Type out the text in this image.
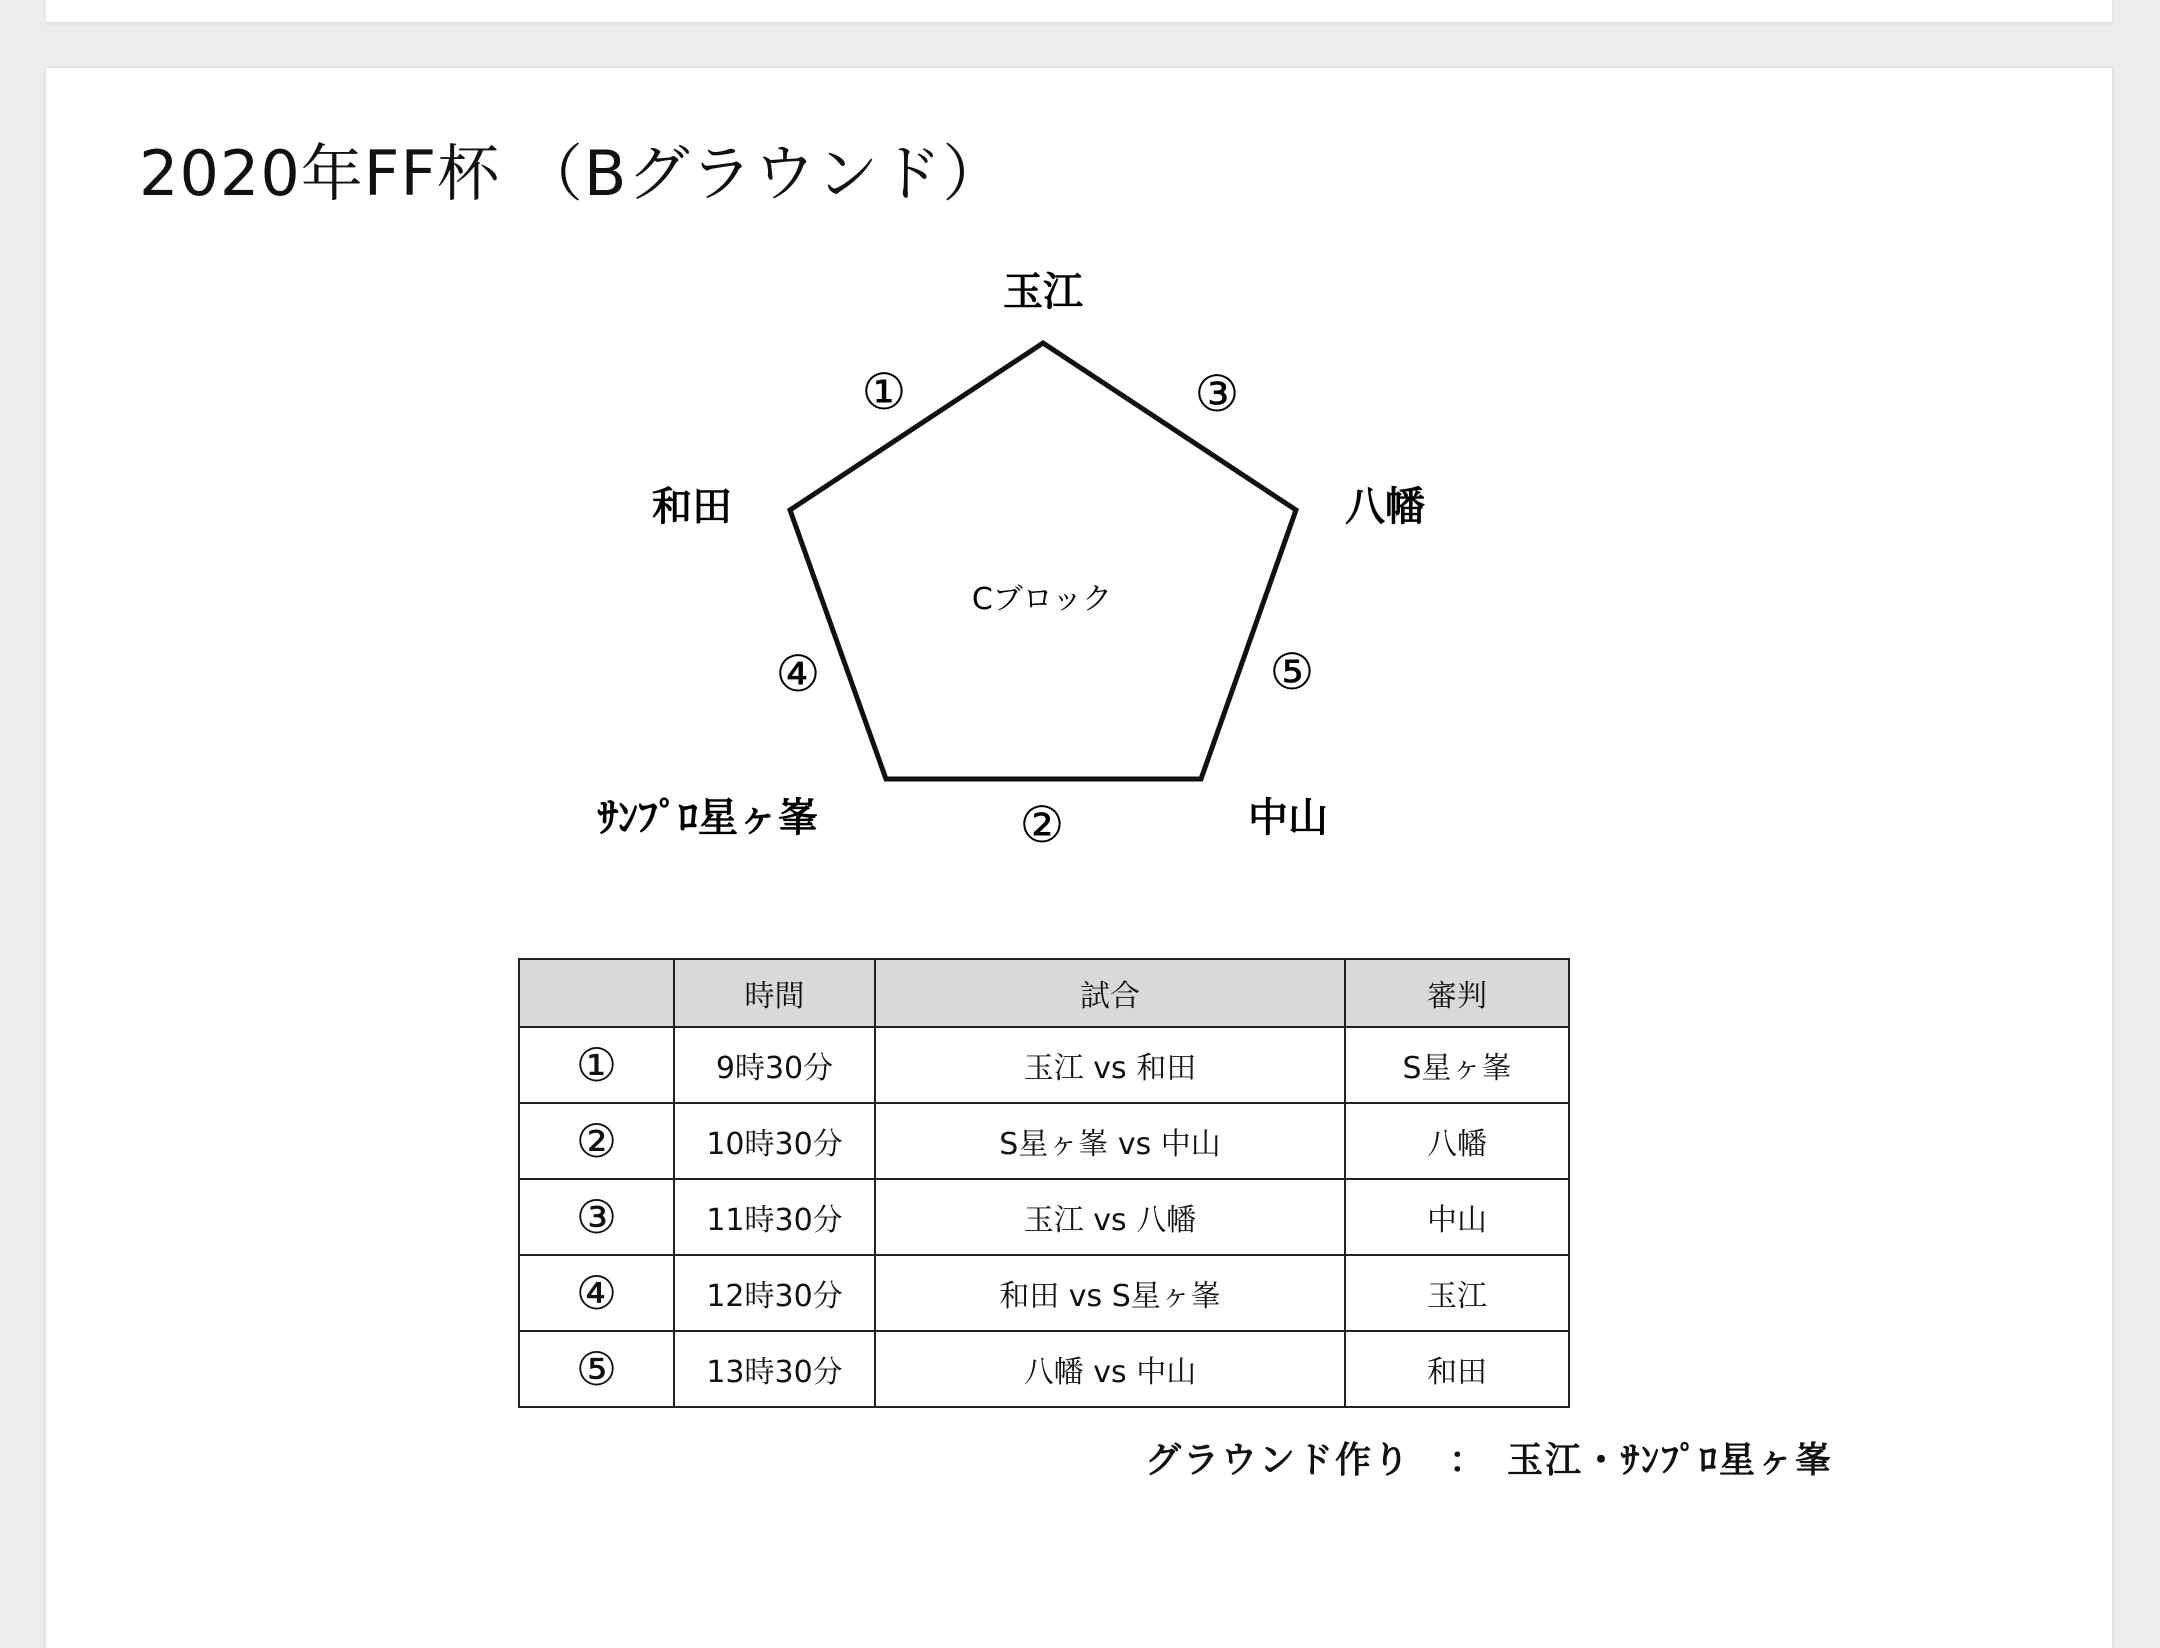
2020年FF杯 （Bグラウンド）
玉江
和田	八幡
ｻﾝﾌﾟﾛ星ヶ峯	中山
①	③
④	⑤
②
Cブロック
	時間	試合	審判
①	9時30分	玉江 vs 和田	S星ヶ峯
②	10時30分	S星ヶ峯 vs 中山	八幡
③	11時30分	玉江 vs 八幡	中山
④	12時30分	和田 vs S星ヶ峯	玉江
⑤	13時30分	八幡 vs 中山	和田
グラウンド作り　：　玉江・ｻﾝﾌﾟﾛ星ヶ峯
